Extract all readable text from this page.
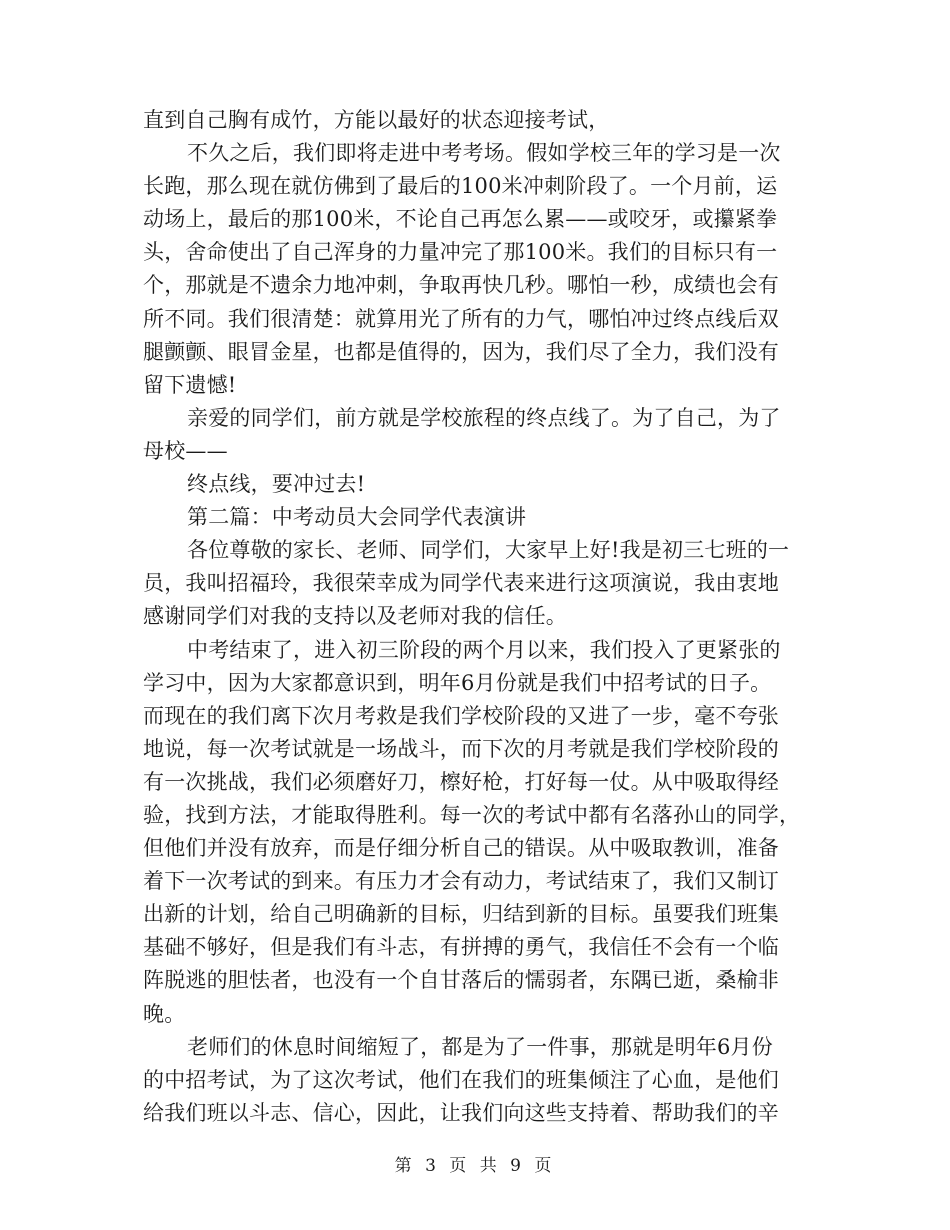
直到自己胸有成竹，方能以最好的状态迎接考试，
不久之后，我们即将走进中考考场。假如学校三年的学习是一次
长跑，那么现在就仿佛到了最后的100米冲刺阶段了。一个月前，运
动场上，最后的那100米，不论自己再怎么累——或咬牙，或攥紧拳
头，舍命使出了自己浑身的力量冲完了那100米。我们的目标只有一
个，那就是不遗余力地冲刺，争取再快几秒。哪怕一秒，成绩也会有
所不同。我们很清楚：就算用光了所有的力气，哪怕冲过终点线后双
腿颤颤、眼冒金星，也都是值得的，因为，我们尽了全力，我们没有
留下遗憾!
亲爱的同学们，前方就是学校旅程的终点线了。为了自己，为了
母校——
终点线，要冲过去!
第二篇：中考动员大会同学代表演讲
各位尊敬的家长、老师、同学们，大家早上好!我是初三七班的一
员，我叫招福玲，我很荣幸成为同学代表来进行这项演说，我由衷地
感谢同学们对我的支持以及老师对我的信任。
中考结束了，进入初三阶段的两个月以来，我们投入了更紧张的
学习中，因为大家都意识到，明年6月份就是我们中招考试的日子。
而现在的我们离下次月考救是我们学校阶段的又进了一步，毫不夸张
地说，每一次考试就是一场战斗，而下次的月考就是我们学校阶段的
有一次挑战，我们必须磨好刀，檫好枪，打好每一仗。从中吸取得经
验，找到方法，才能取得胜利。每一次的考试中都有名落孙山的同学，
但他们并没有放弃，而是仔细分析自己的错误。从中吸取教训，准备
着下一次考试的到来。有压力才会有动力，考试结束了，我们又制订
出新的计划，给自己明确新的目标，归结到新的目标。虽要我们班集
基础不够好，但是我们有斗志，有拼搏的勇气，我信任不会有一个临
阵脱逃的胆怯者，也没有一个自甘落后的懦弱者，东隅已逝，桑榆非
晚。
老师们的休息时间缩短了，都是为了一件事，那就是明年6月份
的中招考试，为了这次考试，他们在我们的班集倾注了心血，是他们
给我们班以斗志、信心，因此，让我们向这些支持着、帮助我们的辛
第 3 页 共 9 页
